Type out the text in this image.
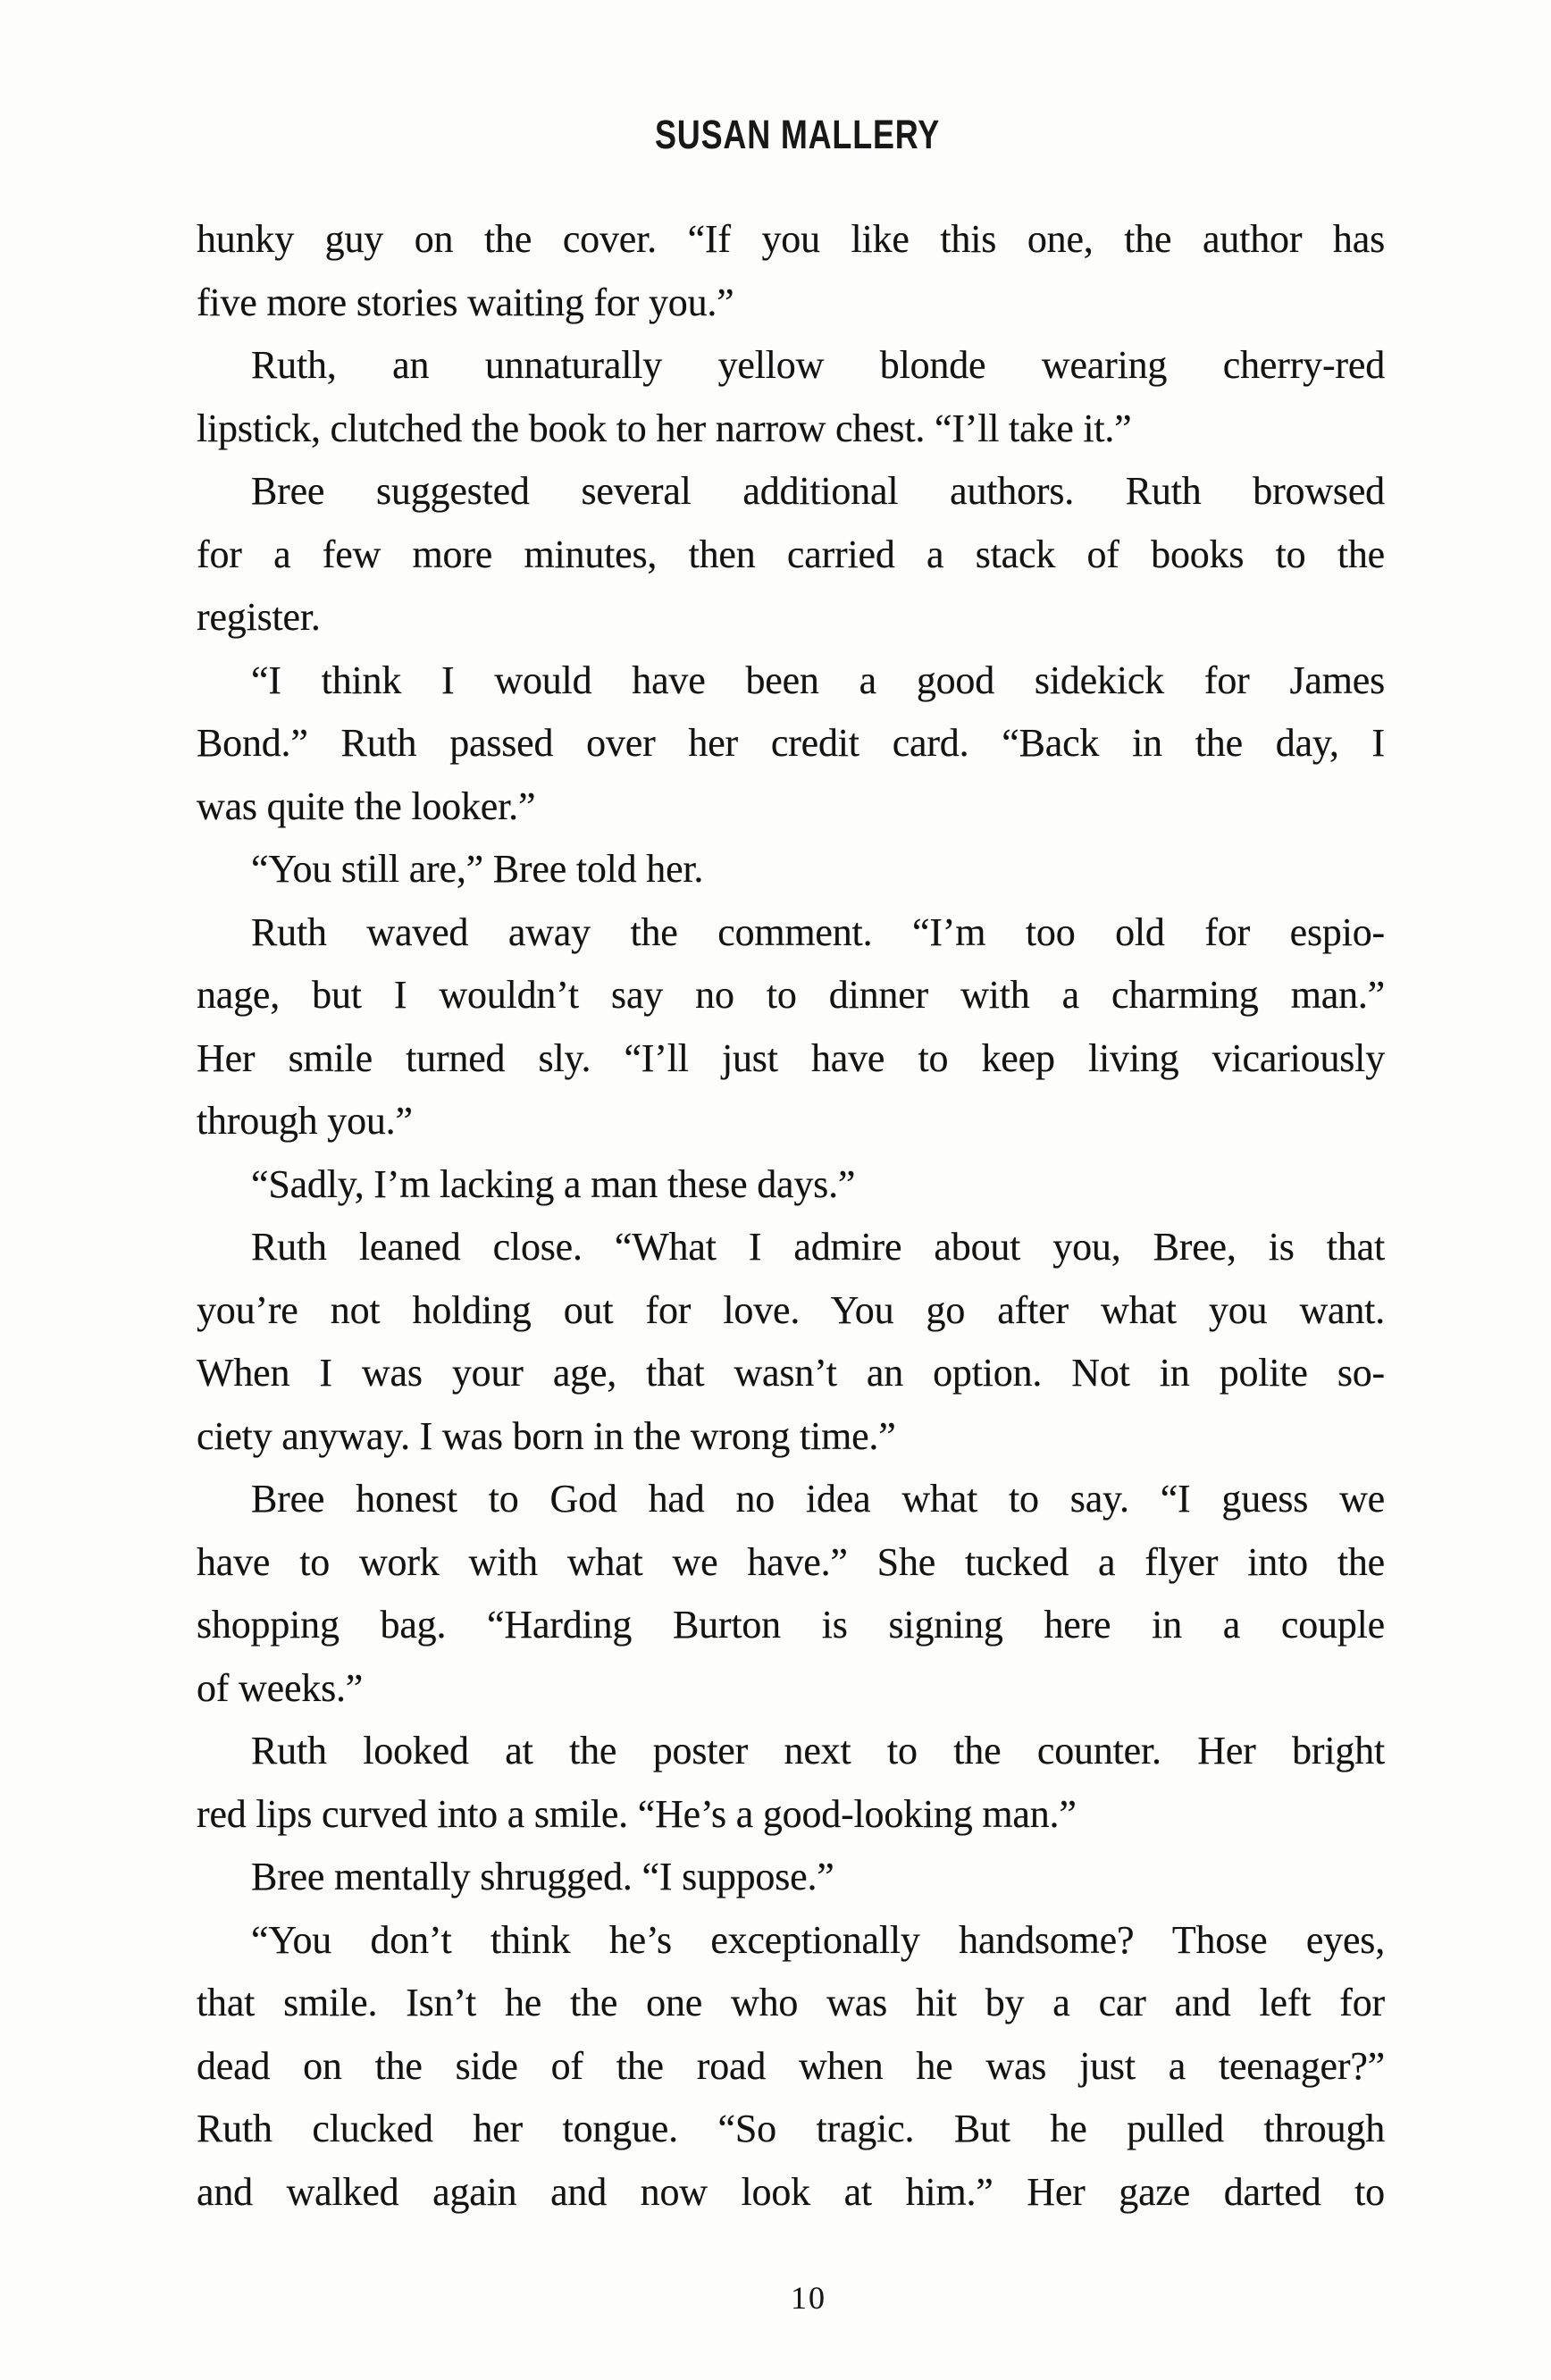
SUSAN MALLERY
hunky guy on the cover. “If you like this one, the author has
five more stories waiting for you.”
Ruth, an unnaturally yellow blonde wearing cherry-red
lipstick, clutched the book to her narrow chest. “I’ll take it.”
Bree suggested several additional authors. Ruth browsed
for a few more minutes, then carried a stack of books to the
register.
“I think I would have been a good sidekick for James
Bond.” Ruth passed over her credit card. “Back in the day, I
was quite the looker.”
“You still are,” Bree told her.
Ruth waved away the comment. “I’m too old for espio-
nage, but I wouldn’t say no to dinner with a charming man.”
Her smile turned sly. “I’ll just have to keep living vicariously
through you.”
“Sadly, I’m lacking a man these days.”
Ruth leaned close. “What I admire about you, Bree, is that
you’re not holding out for love. You go after what you want.
When I was your age, that wasn’t an option. Not in polite so-
ciety anyway. I was born in the wrong time.”
Bree honest to God had no idea what to say. “I guess we
have to work with what we have.” She tucked a flyer into the
shopping bag. “Harding Burton is signing here in a couple
of weeks.”
Ruth looked at the poster next to the counter. Her bright
red lips curved into a smile. “He’s a good-looking man.”
Bree mentally shrugged. “I suppose.”
“You don’t think he’s exceptionally handsome? Those eyes,
that smile. Isn’t he the one who was hit by a car and left for
dead on the side of the road when he was just a teenager?”
Ruth clucked her tongue. “So tragic. But he pulled through
and walked again and now look at him.” Her gaze darted to
10
